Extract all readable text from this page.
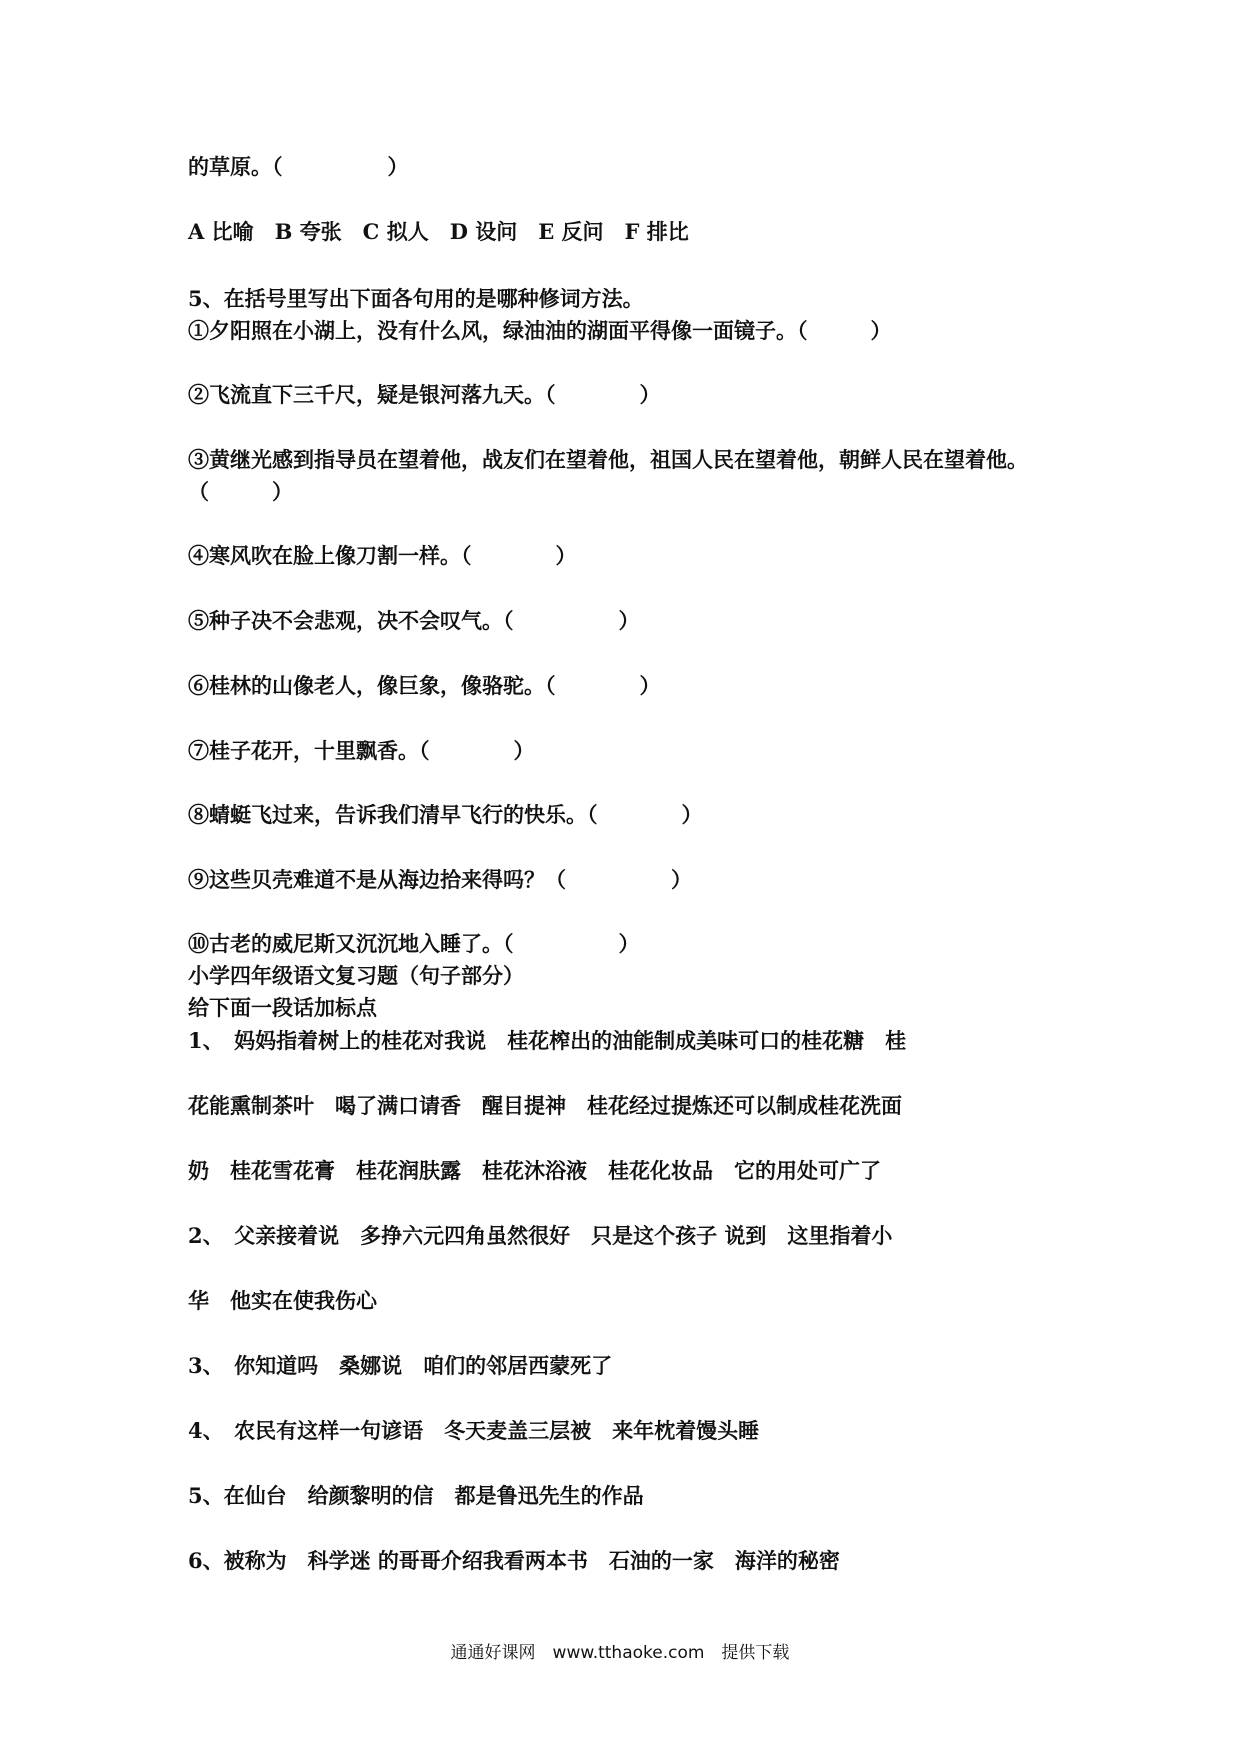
的草原。（　　　　　）
A 比喻　B 夸张　C 拟人　D 设问　E 反问　F 排比
5、在括号里写出下面各句用的是哪种修词方法。
①夕阳照在小湖上，没有什么风，绿油油的湖面平得像一面镜子。（　　　）
②飞流直下三千尺，疑是银河落九天。（　　　　）
③黄继光感到指导员在望着他，战友们在望着他，祖国人民在望着他，朝鲜人民在望着他。
（　　　）
④寒风吹在脸上像刀割一样。（　　　　）
⑤种子决不会悲观，决不会叹气。（　　　　　）
⑥桂林的山像老人，像巨象，像骆驼。（　　　　）
⑦桂子花开，十里飘香。（　　　　）
⑧蜻蜓飞过来，告诉我们清早飞行的快乐。（　　　　）
⑨这些贝壳难道不是从海边拾来得吗？（　　　　　）
⑩古老的威尼斯又沉沉地入睡了。（　　　　　）
小学四年级语文复习题（句子部分）
给下面一段话加标点
1、　妈妈指着树上的桂花对我说　桂花榨出的油能制成美味可口的桂花糖　桂
花能熏制茶叶　喝了满口请香　醒目提神　桂花经过提炼还可以制成桂花洗面
奶　桂花雪花膏　桂花润肤露　桂花沐浴液　桂花化妆品　它的用处可广了
2、　父亲接着说　多挣六元四角虽然很好　只是这个孩子 说到　这里指着小
华　他实在使我伤心
3、　你知道吗　桑娜说　咱们的邻居西蒙死了
4、　农民有这样一句谚语　冬天麦盖三层被　来年枕着馒头睡
5、在仙台　给颜黎明的信　都是鲁迅先生的作品
6、被称为　科学迷 的哥哥介绍我看两本书　石油的一家　海洋的秘密
通通好课网　www.tthaoke.com　提供下载
